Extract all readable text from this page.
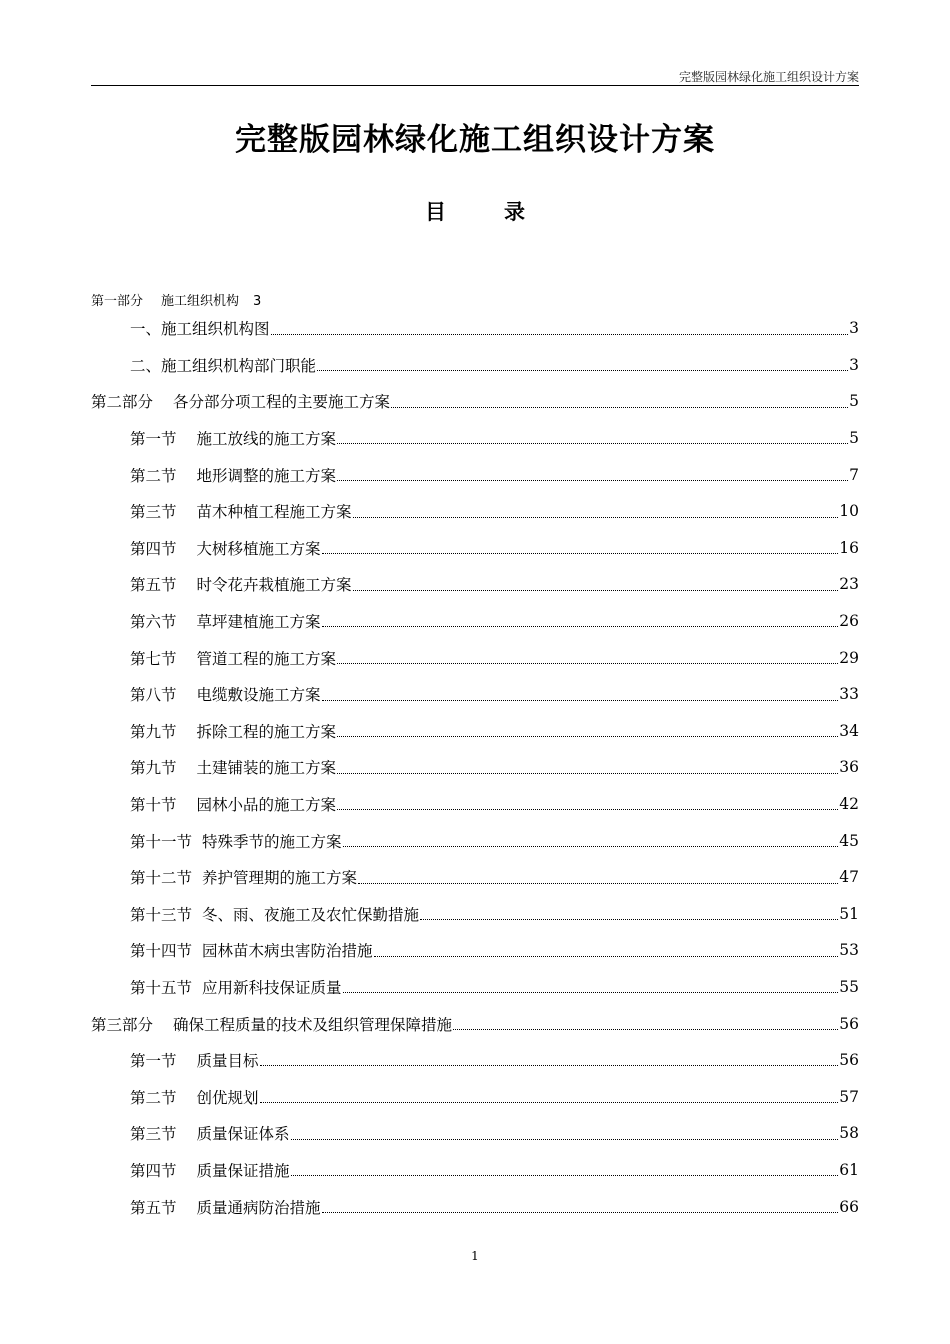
完整版园林绿化施工组织设计方案
完整版园林绿化施工组织设计方案
目	录
第一部分 施工组织机构 3
一、施工组织机构图	3
二、施工组织机构部门职能	3
第二部分 各分部分项工程的主要施工方案	5
第一节 施工放线的施工方案	5
第二节 地形调整的施工方案	7
第三节 苗木种植工程施工方案	10
第四节 大树移植施工方案	16
第五节 时令花卉栽植施工方案	23
第六节 草坪建植施工方案	26
第七节 管道工程的施工方案	29
第八节 电缆敷设施工方案	33
第九节 拆除工程的施工方案	34
第九节 土建铺装的施工方案	36
第十节 园林小品的施工方案	42
第十一节 特殊季节的施工方案	45
第十二节 养护管理期的施工方案	47
第十三节 冬、雨、夜施工及农忙保勤措施	51
第十四节 园林苗木病虫害防治措施	53
第十五节 应用新科技保证质量	55
第三部分 确保工程质量的技术及组织管理保障措施	56
第一节 质量目标	56
第二节 创优规划	57
第三节 质量保证体系	58
第四节 质量保证措施	61
第五节 质量通病防治措施	66
1
